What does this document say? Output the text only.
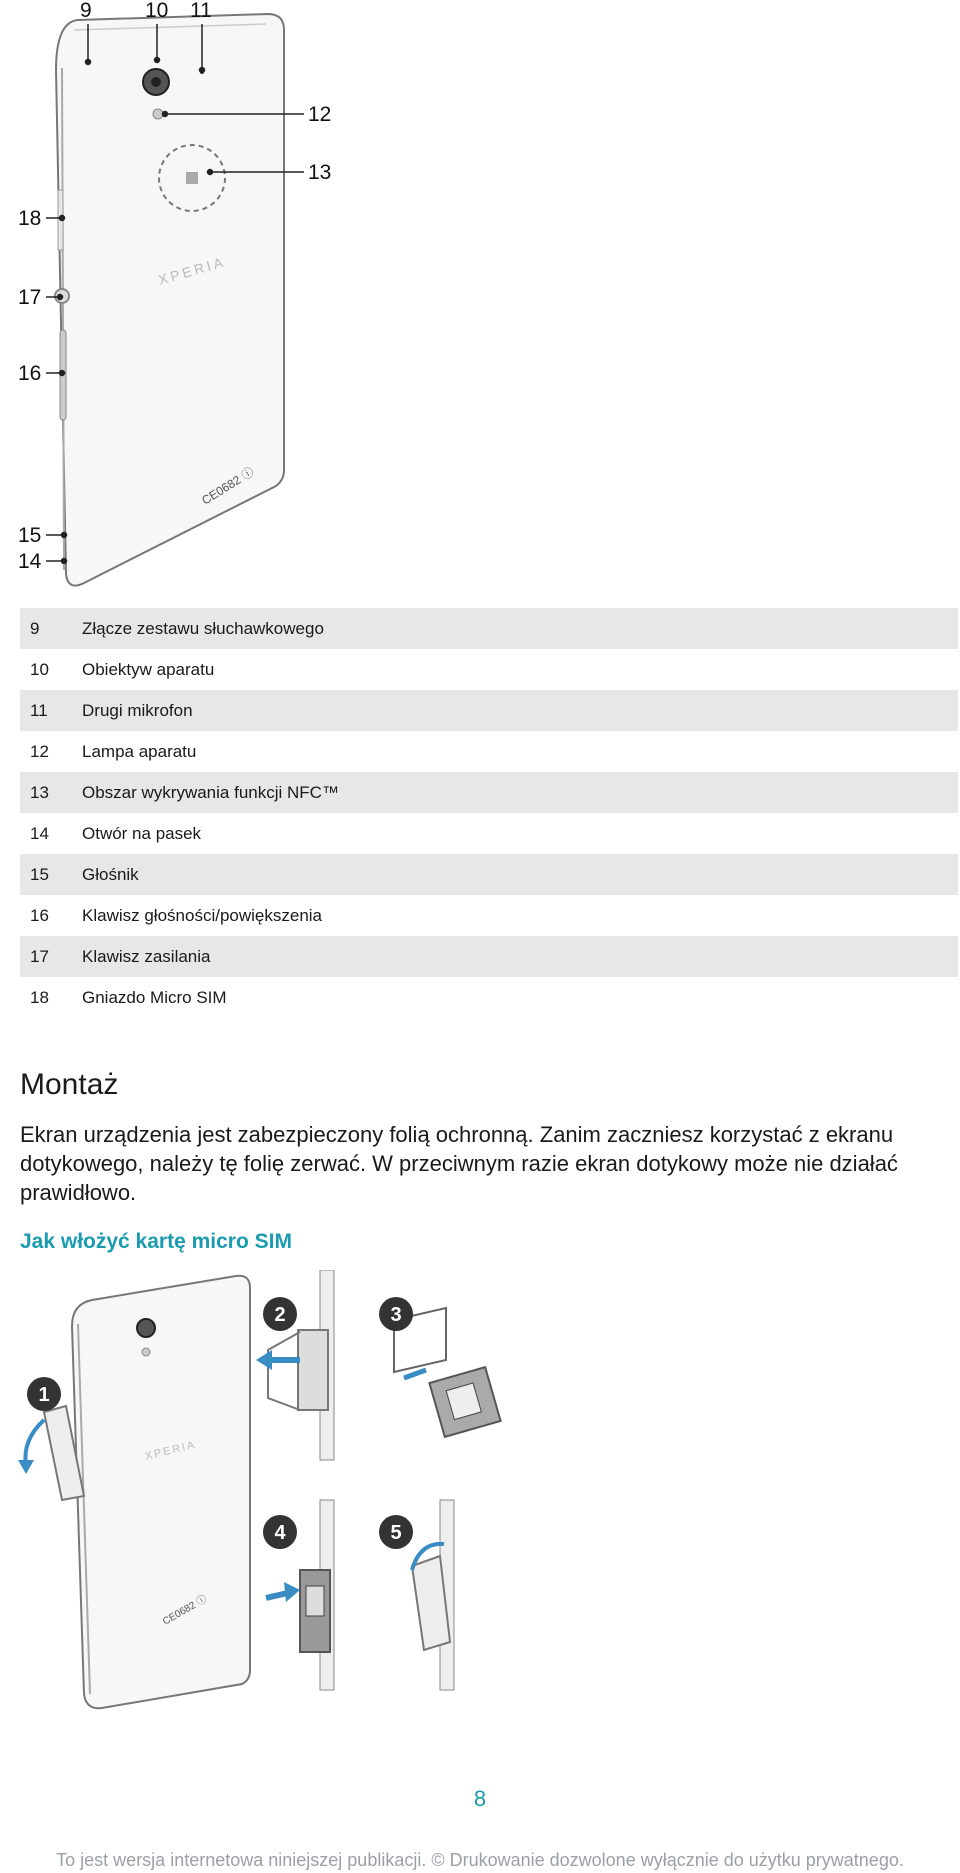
XPERIA
CE0682 ⓘ
9	10 11
12
13
18
17
16
15
14
9	Złącze zestawu słuchawkowego
10	Obiektyw aparatu
11	Drugi mikrofon
12	Lampa aparatu
13	Obszar wykrywania funkcji NFC™
14	Otwór na pasek
15	Głośnik
16	Klawisz głośności/powiększenia
17	Klawisz zasilania
18	Gniazdo Micro SIM
Montaż

Ekran urządzenia jest zabezpieczony folią ochronną. Zanim zaczniesz korzystać z ekranu dotykowego, należy tę folię zerwać. W przeciwnym razie ekran dotykowy może nie działać prawidłowo.

Jak włożyć kartę micro SIM
XPERIA
CE0682 ⓘ
1
2	3
4	5
8
To jest wersja internetowa niniejszej publikacji. © Drukowanie dozwolone wyłącznie do użytku prywatnego.
